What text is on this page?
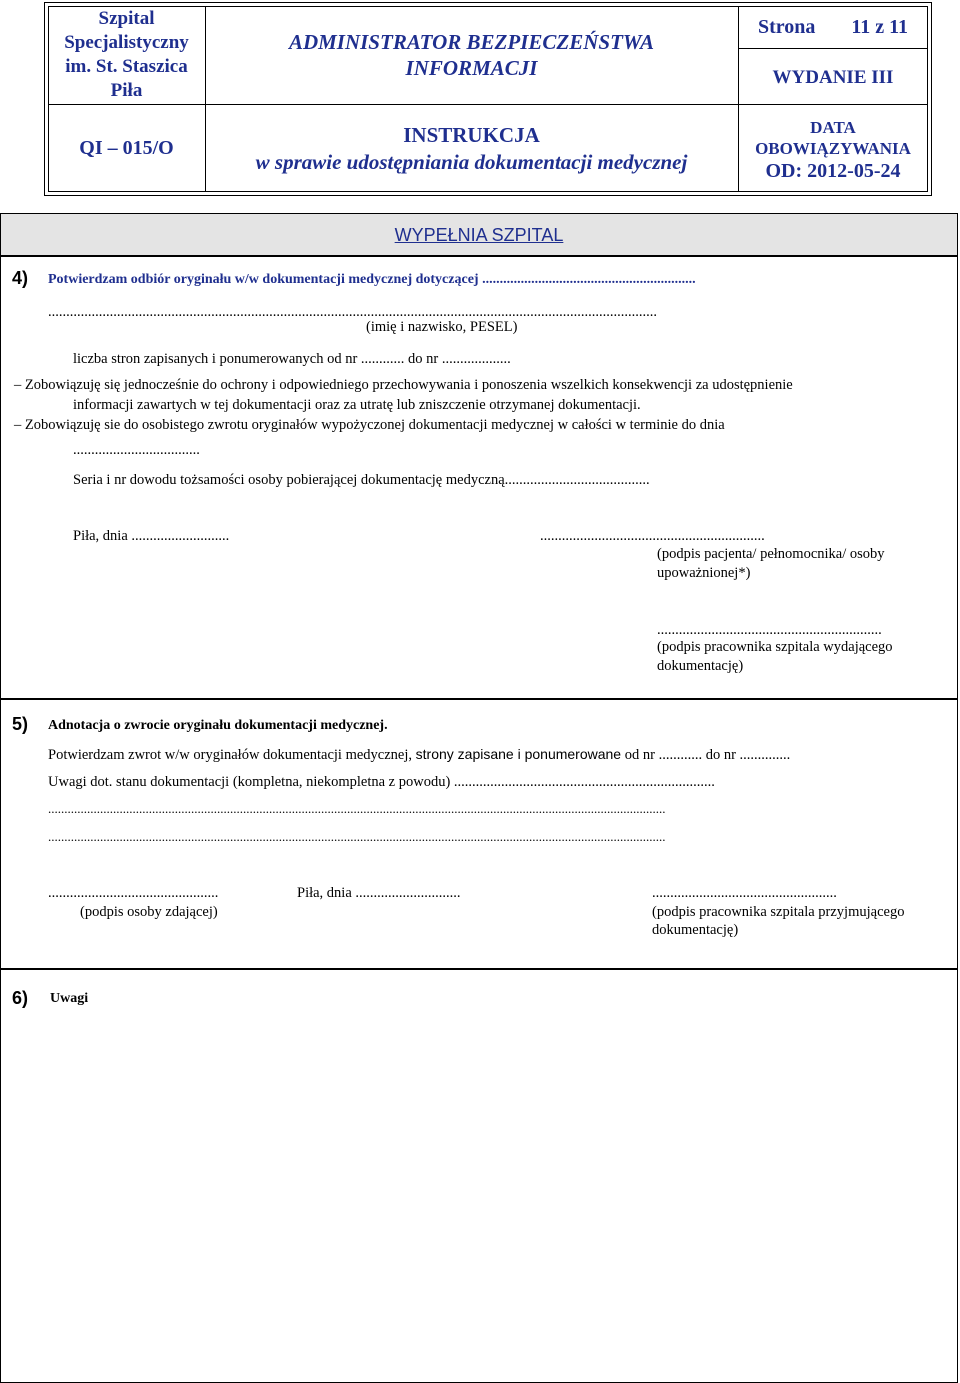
Szpital
Specjalistyczny
im. St. Staszica
Piła
QI – 015/O
ADMINISTRATOR BEZPIECZEŃSTWA
INFORMACJI
INSTRUKCJA
w sprawie udostępniania dokumentacji medycznej
Strona 11 z 11
WYDANIE III
DATA
OBOWIĄZYWANIA
OD: 2012-05-24
WYPEŁNIA SZPITAL
4) Potwierdzam odbiór oryginału w/w dokumentacji medycznej dotyczącej .............................................................
........................................................................................................................................................................
(imię i nazwisko, PESEL)
liczba stron zapisanych i ponumerowanych od nr ............ do nr ...................
– Zobowiązuję się jednocześnie do ochrony i odpowiedniego przechowywania i ponoszenia wszelkich konsekwencji za udostępnienie
informacji zawartych w tej dokumentacji oraz za utratę lub zniszczenie otrzymanej dokumentacji.
– Zobowiązuję sie do osobistego zwrotu oryginałów wypożyczonej dokumentacji medycznej w całości w terminie do dnia
...................................
Seria i nr dowodu tożsamości osoby pobierającej dokumentację medyczną........................................
Piła, dnia ...........................	..............................................................
(podpis pacjenta/ pełnomocnika/ osoby
upoważnionej*)
..............................................................
(podpis pracownika szpitala wydającego
dokumentację)
5) Adnotacja o zwrocie oryginału dokumentacji medycznej.
Potwierdzam zwrot w/w oryginałów dokumentacji medycznej, strony zapisane i ponumerowane od nr ............ do nr ..............
Uwagi dot. stanu dokumentacji (kompletna, niekompletna z powodu) ........................................................................
..............................................................................................................................................................................................
..............................................................................................................................................................................................
...............................................
(podpis osoby zdającej)
Piła, dnia .............................	...................................................
(podpis pracownika szpitala przyjmującego
dokumentację)
6) Uwagi
